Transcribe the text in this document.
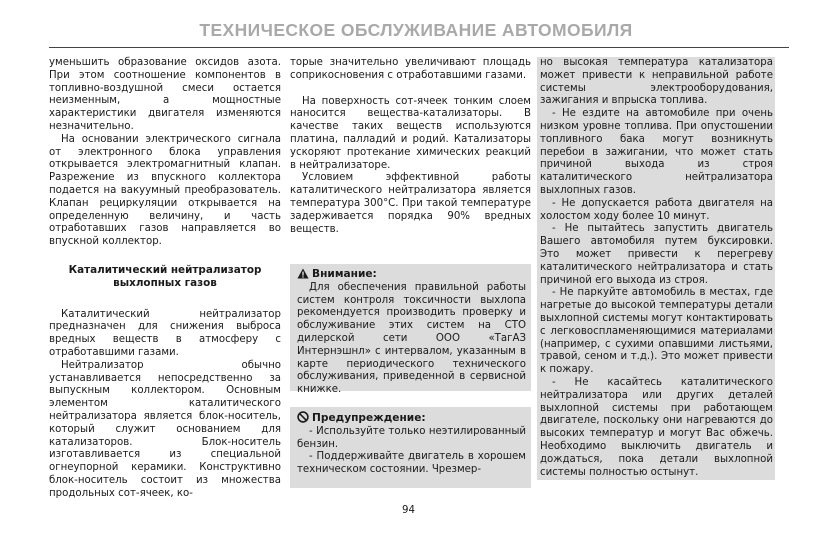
ТЕХНИЧЕСКОЕ ОБСЛУЖИВАНИЕ АВТОМОБИЛЯ

уменьшить образование оксидов азота. При этом соотношение компонентов в топливно-воздушной смеси остается неизменным, а мощностные характеристики двигателя изменяются незначительно.

На основании электрического сигнала от электронного блока управления открывается электромагнитный клапан. Разрежение из впускного коллектора подается на вакуумный преобразователь. Клапан рециркуляции открывается на определенную величину, и часть отработавших газов направляется во впускной коллектор.

Каталитический нейтрализатор выхлопных газов

Каталитический нейтрализатор предназначен для снижения выброса вредных веществ в атмосферу с отработавшими газами.

Нейтрализатор обычно устанавливается непосредственно за выпускным коллектором. Основным элементом каталитического нейтрализатора является блок-носитель, который служит основанием для катализаторов. Блок-носитель изготавливается из специальной огнеупорной керамики. Конструктивно блок-носитель состоит из множества продольных сот-ячеек, ко-

торые значительно увеличивают площадь соприкосновения с отработавшими газами.

На поверхность сот-ячеек тонким слоем наносится вещества-катализаторы. В качестве таких веществ используются платина, палладий и родий. Катализаторы ускоряют протекание химических реакций в нейтрализаторе.

Условием эффективной работы каталитического нейтрализатора является температура 300°С. При такой температуре задерживается порядка 90% вредных веществ.

Внимание:

Для обеспечения правильной работы систем контроля токсичности выхлопа рекомендуется производить проверку и обслуживание этих систем на СТО дилерской сети ООО «ТагАЗ Интернэшнл» с интервалом, указанным в карте периодического технического обслуживания, приведенной в сервисной книжке.

Предупреждение:

- Используйте только неэтилированный бензин.

- Поддерживайте двигатель в хорошем техническом состоянии. Чрезмер-

но высокая температура катализатора может привести к неправильной работе системы электрооборудования, зажигания и впрыска топлива.

- Не ездите на автомобиле при очень низком уровне топлива. При опустошении топливного бака могут возникнуть перебои в зажигании, что может стать причиной выхода из строя каталитического нейтрализатора выхлопных газов.

- Не допускается работа двигателя на холостом ходу более 10 минут.

- Не пытайтесь запустить двигатель Вашего автомобиля путем буксировки. Это может привести к перегреву каталитического нейтрализатора и стать причиной его выхода из строя.

- Не паркуйте автомобиль в местах, где нагретые до высокой температуры детали выхлопной системы могут контактировать с легковоспламеняющимися материалами (например, с сухими опавшими листьями, травой, сеном и т.д.). Это может привести к пожару.

- Не касайтесь каталитического нейтрализатора или других деталей выхлопной системы при работающем двигателе, поскольку они нагреваются до высоких температур и могут Вас обжечь. Необходимо выключить двигатель и дождаться, пока детали выхлопной системы полностью остынут.

94
